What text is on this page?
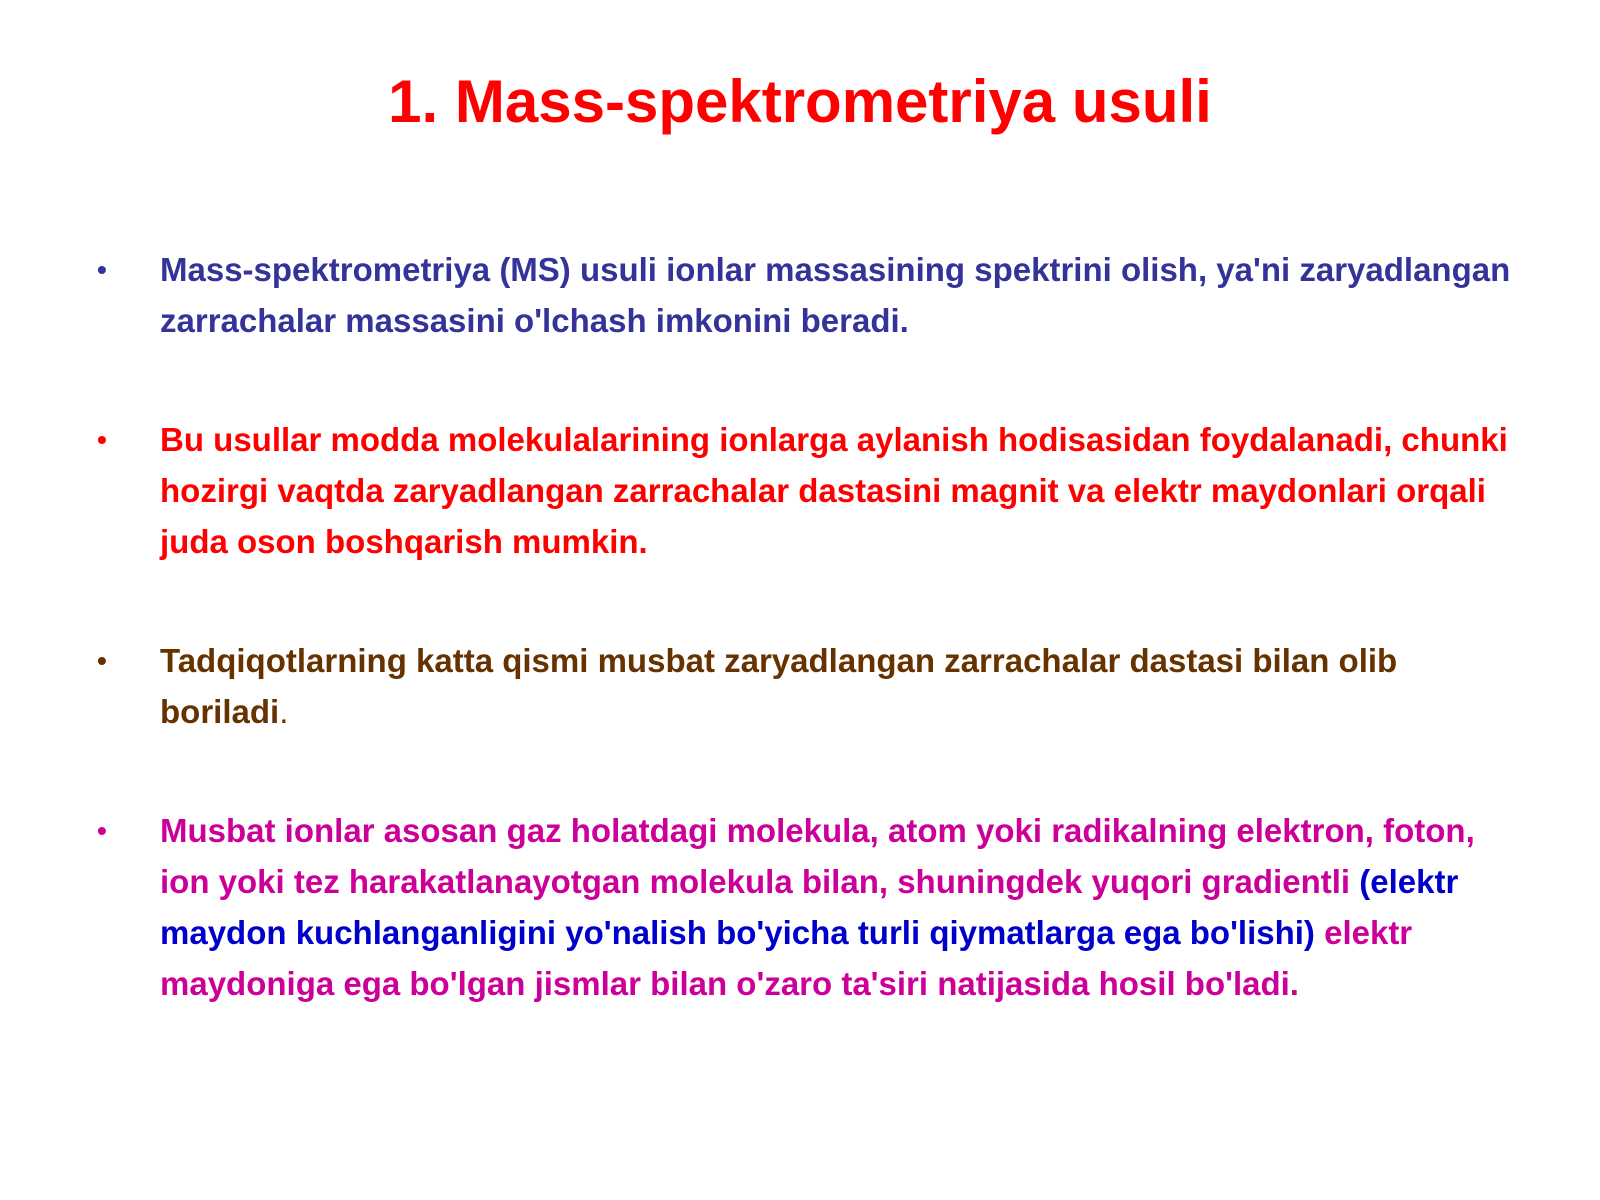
1. Mass-spektrometriya usuli
• Mass-spektrometriya (MS) usuli ionlar massasining spektrini olish, ya'ni zaryadlangan zarrachalar massasini o'lchash imkonini beradi.
• Bu usullar modda molekulalarining ionlarga aylanish hodisasidan foydalanadi, chunki hozirgi vaqtda zaryadlangan zarrachalar dastasini magnit va elektr maydonlari orqali juda oson boshqarish mumkin.
• Tadqiqotlarning katta qismi musbat zaryadlangan zarrachalar dastasi bilan olib boriladi.
• Musbat ionlar asosan gaz holatdagi molekula, atom yoki radikalning elektron, foton, ion yoki tez harakatlanayotgan molekula bilan, shuningdek yuqori gradientli (elektr maydon kuchlanganligini yo'nalish bo'yicha turli qiymatlarga ega bo'lishi) elektr maydoniga ega bo'lgan jismlar bilan o'zaro ta'siri natijasida hosil bo'ladi.
